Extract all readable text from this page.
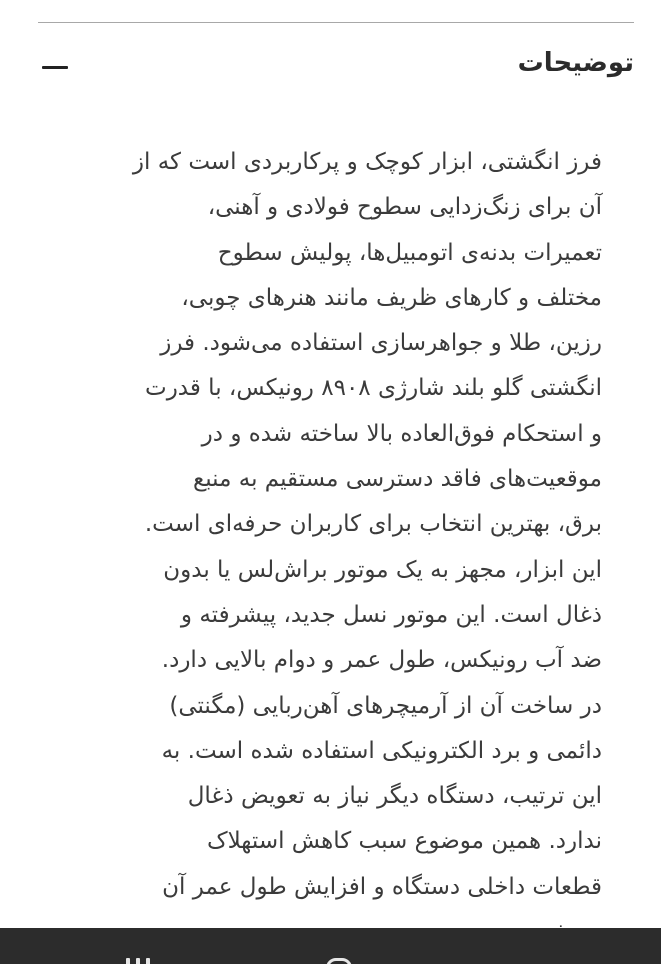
توضیحات
فرز انگشتی، ابزار کوچک و پرکاربردی است که از
آن برای زنگ‌زدایی سطوح فولادی و آهنی،
تعمیرات بدنه‌ی اتومبیل‌ها، پولیش سطوح
مختلف و کارهای ظریف مانند هنرهای چوبی،
رزین، طلا و جواهرسازی استفاده می‌شود. فرز
انگشتی گلو بلند شارژی ۸۹۰۸ رونیکس، با قدرت
و استحکام فوق‌العاده بالا ساخته شده و در
موقعیت‌های فاقد دسترسی مستقیم به منبع
برق، بهترین انتخاب برای کاربران حرفه‌ای است.
این ابزار، مجهز به یک موتور براش‌لس یا بدون
ذغال است. این موتور نسل جدید، پیشرفته و
ضد آب رونیکس، طول عمر و دوام بالایی دارد.
در ساخت آن از آرمیچرهای آهن‌ربایی (مگنتی)
دائمی و برد الکترونیکی استفاده شده است. به
این ترتیب، دستگاه دیگر نیاز به تعویض ذغال
ندارد. همین موضوع سبب کاهش استهلاک
قطعات داخلی دستگاه و افزایش طول عمر آن
